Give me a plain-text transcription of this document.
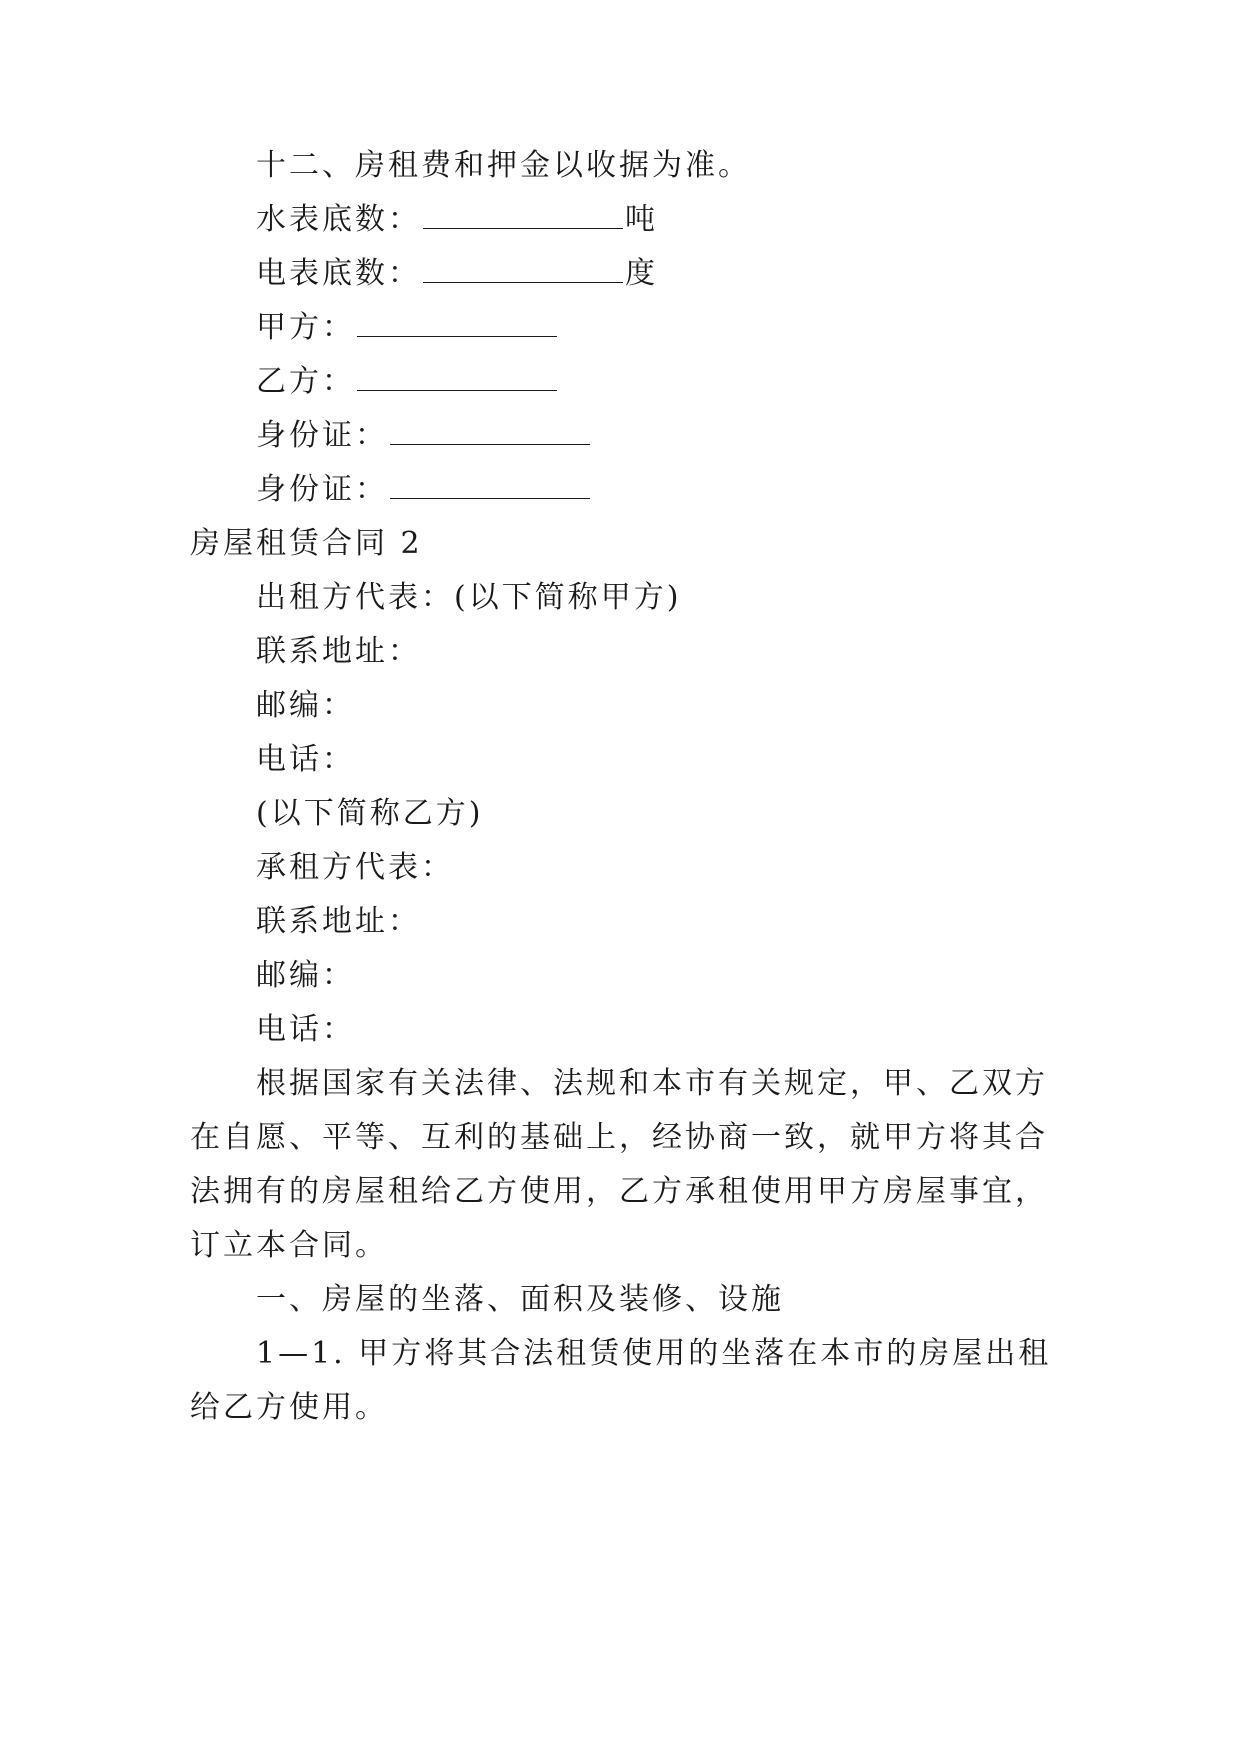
十二、房租费和押金以收据为准。
水表底数：	吨
电表底数：	度
甲方：
乙方：
身份证：
身份证：
房屋租赁合同 2
出租方代表：(以下简称甲方)
联系地址：
邮编：
电话：
(以下简称乙方)
承租方代表：
联系地址：
邮编：
电话：
根据国家有关法律、法规和本市有关规定，甲、乙双方
在自愿、平等、互利的基础上，经协商一致，就甲方将其合
法拥有的房屋租给乙方使用，乙方承租使用甲方房屋事宜，
订立本合同。
一、房屋的坐落、面积及装修、设施
1—1. 甲方将其合法租赁使用的坐落在本市的房屋出租
给乙方使用。
